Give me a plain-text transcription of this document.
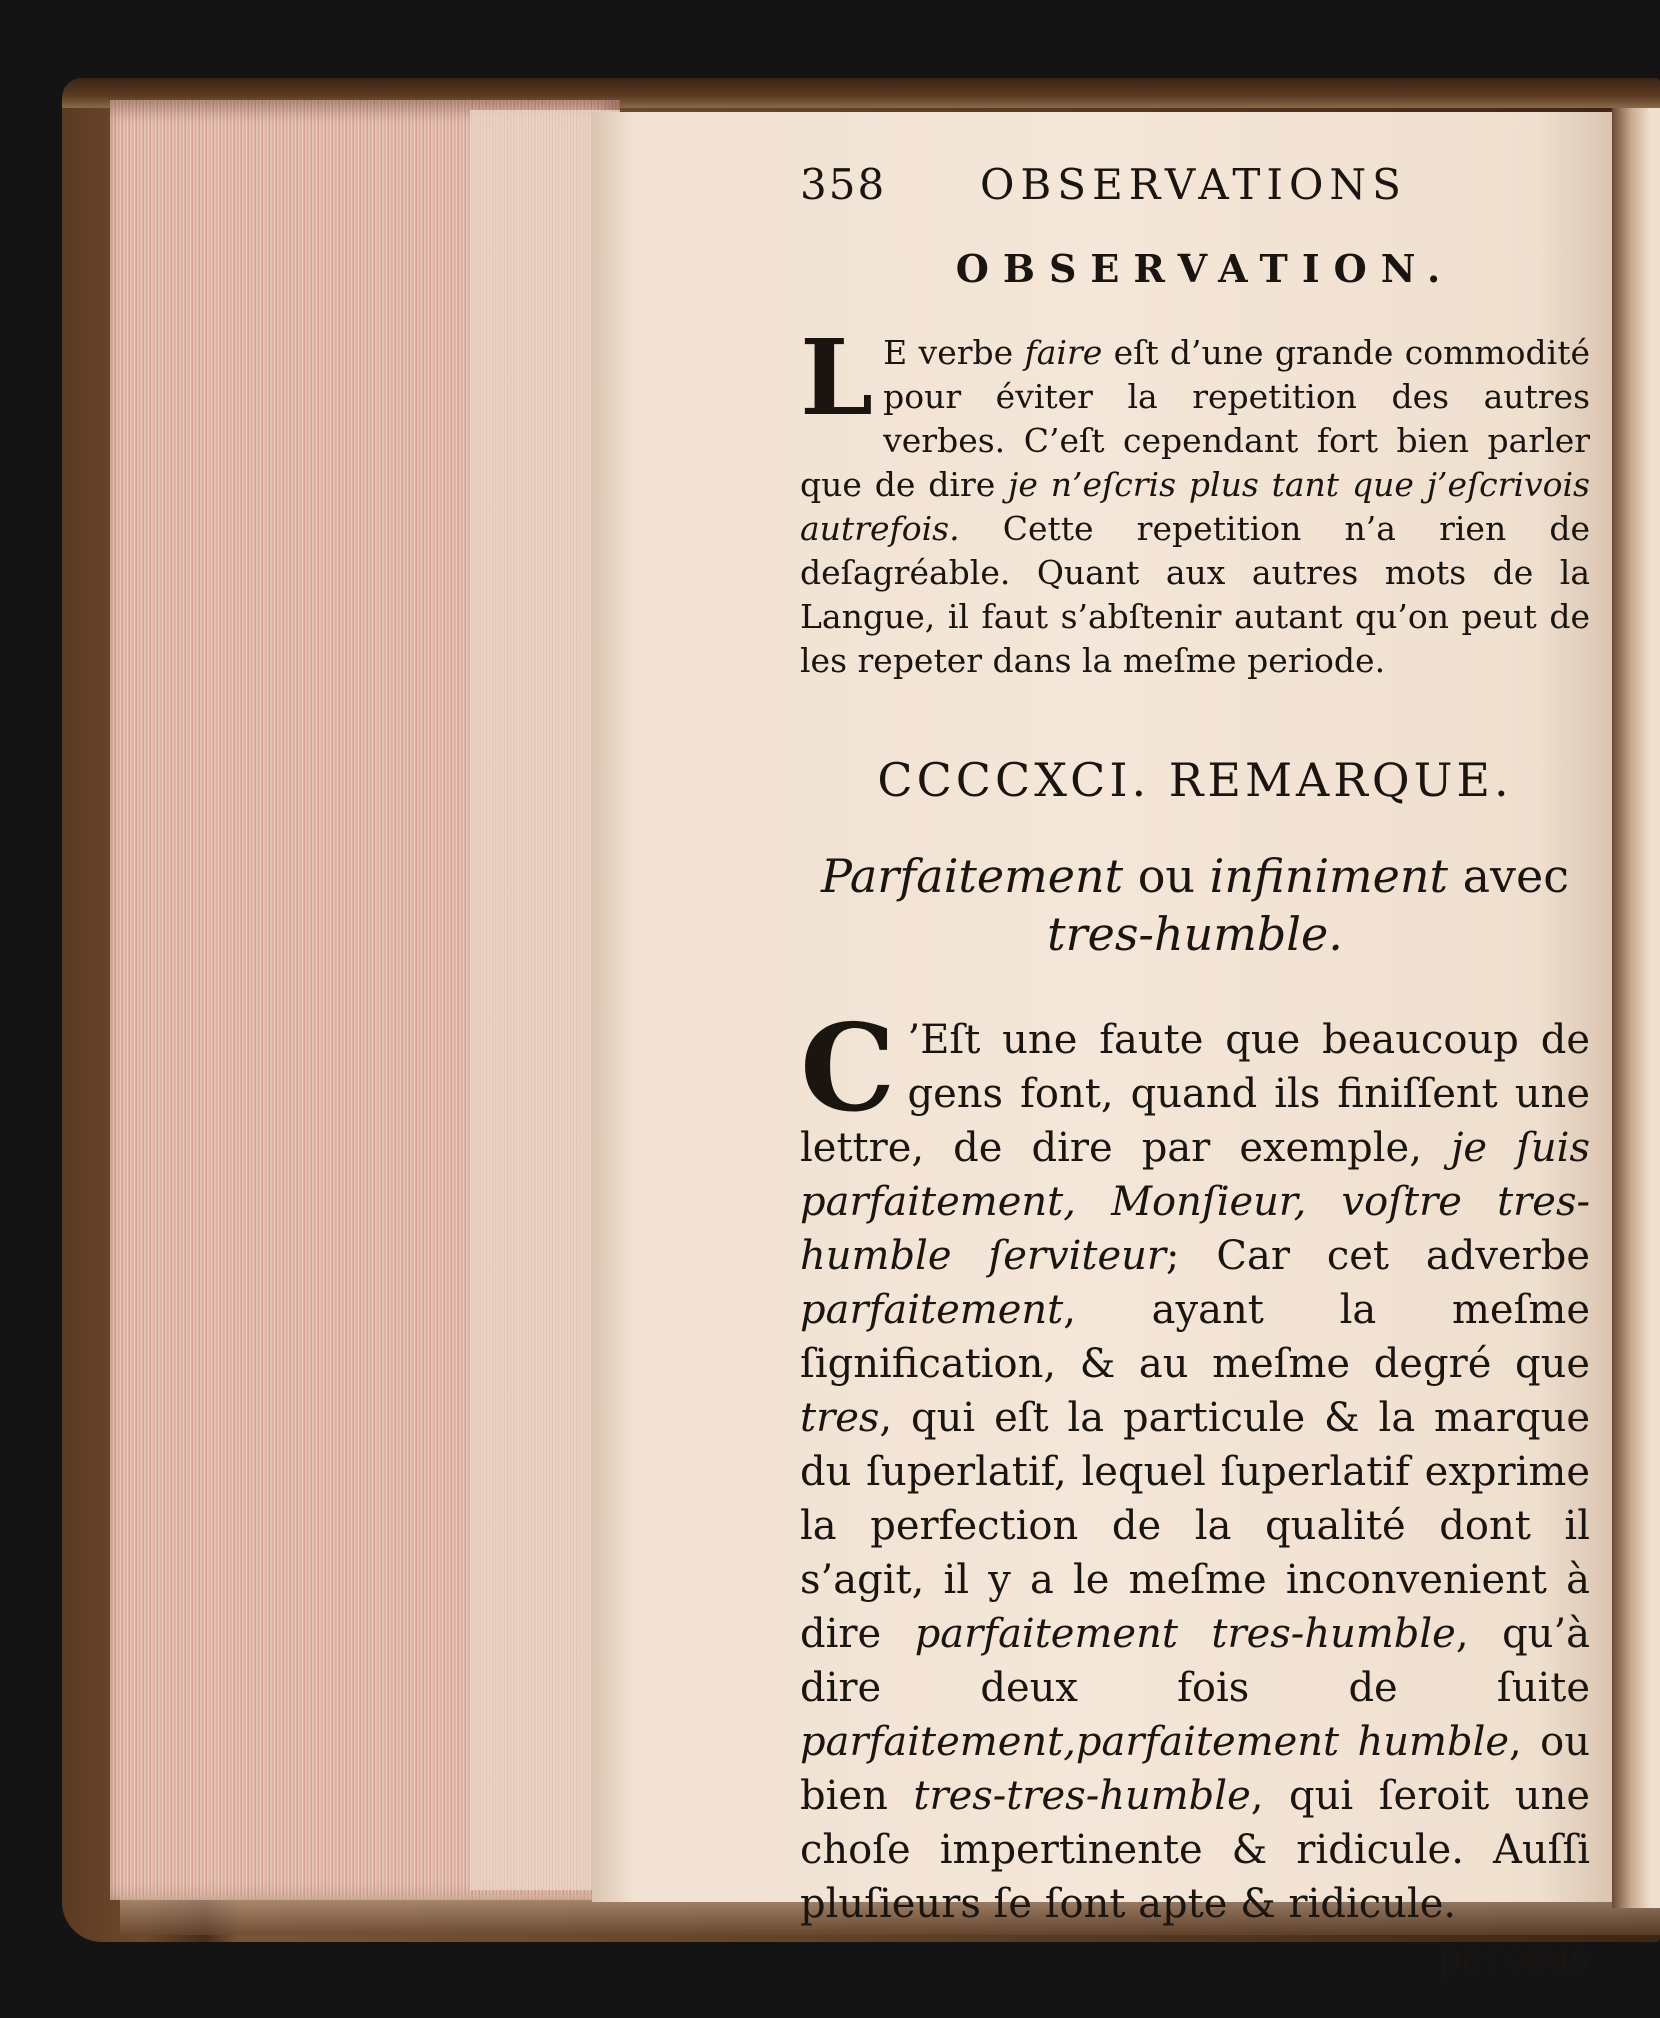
358 OBSERVATIONS
OBSERVATION.

L E verbe faire eſt d’une grande commodité pour éviter la repetition des autres verbes. C’eſt cependant fort bien parler que de dire je n’eſcris plus tant que j’eſcrivois autrefois. Cette repetition n’a rien de deſagréable. Quant aux autres mots de la Langue, il faut s’abſtenir autant qu’on peut de les repeter dans la meſme periode.

CCCCXCI. REMARQUE.
Parfaitement ou infiniment avec
tres-humble.

C ’Eſt une faute que beaucoup de gens font, quand ils finiſſent une lettre, de dire par exemple, je ſuis parfaitement, Monſieur, voſtre tres-humble ſerviteur; Car cet adverbe parfaitement, ayant la meſme ſignification, & au meſme degré que tres, qui eſt la particule & la marque du ſuperlatif, lequel ſuperlatif exprime la perfection de la qualité dont il s’agit, il y a le meſme inconvenient à dire parfaitement tres-humble, qu’à dire deux fois de ſuite parfaitement,parfaitement humble, ou bien tres-tres-humble, qui ſeroit une choſe impertinente & ridicule. Auſſi pluſieurs ſe ſont apte & ridicule.

perceus
